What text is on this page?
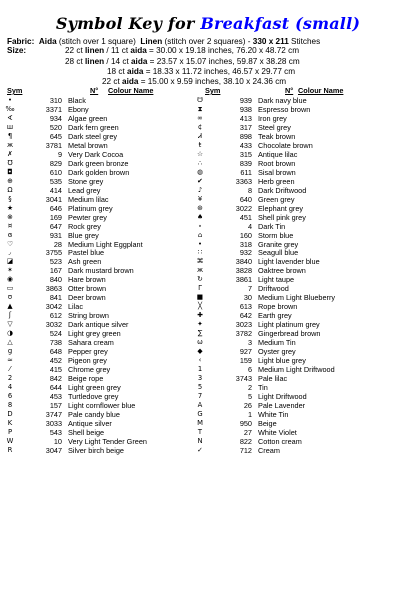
Symbol Key for Breakfast (small)
Fabric: Aida (stitch over 1 square) Linen (stitch over 2 squares) - 330 x 211 Stitches
Size:	22 ct linen / 11 ct aida = 30.00 x 19.18 inches, 76.20 x 48.72 cm
28 ct linen / 14 ct aida = 23.57 x 15.07 inches, 59.87 x 38.28 cm
18 ct aida = 18.33 x 11.72 inches, 46.57 x 29.77 cm
22 ct aida = 15.00 x 9.59 inches, 38.10 x 24.36 cm
Sym	N° Colour Name	Sym	N° Colour Name
•	310 Black
‰	3371 Ebony
∢	934 Algae green
ш	520 Dark fern green
¶	645 Dark steel grey
ж	3781 Metal brown
✗	9 Very Dark Cocoa
℧	829 Dark green bronze
◘	610 Dark golden brown
⊕	535 Stone grey
Ω	414 Lead grey
§	3041 Medium lilac
★	646 Platinum grey
⊗	169 Pewter grey
¤	647 Rock grey
ɞ	931 Blue grey
♡	28 Medium Light Eggplant
◞	3755 Pastel blue
◪	523 Ash green
✶	167 Dark mustard brown
◉	840 Hare brown
▭	3863 Otter brown
ʊ	841 Deer brown
▲	3042 Lilac
ʃ	612 String brown
▽	3032 Dark antique silver
◑	524 Light grey green
△	738 Sahara cream
g	648 Pepper grey
≈	452 Pigeon grey
⁄	415 Chrome grey
2	842 Beige rope
4	644 Light green grey
6	453 Turtledove grey
8	157 Light cornflower blue
D	3747 Pale candy blue
K	3033 Antique silver
P	543 Shell beige
W	10 Very Light Tender Green
R	3047 Silver birch beige
☋	939 Dark navy blue
⧗	938 Espresso brown
∞	413 Iron grey
¢	317 Steel grey
Ꮧ	898 Teak brown
ŧ	433 Chocolate brown
☆	315 Antique lilac
∴	839 Root brown
◍	611 Sisal brown
✔	3363 Herb green
♪	8 Dark Driftwood
¥	640 Green grey
⊛	3022 Elephant grey
♠	451 Shell pink grey
∘	4 Dark Tin
⌂	160 Storm blue
•	318 Granite grey
∷	932 Seagull blue
⌘	3840 Light lavender blue
ж	3828 Oaktree brown
↻	3861 Light taupe
Γ	7 Driftwood
■	30 Medium Light Blueberry
╳	613 Rope brown
✚	642 Earth grey
✦	3023 Light platinum grey
∑	3782 Gingerbread brown
ω	3 Medium Tin
◆	927 Oyster grey
‹	159 Light blue grey
1	6 Medium Light Driftwood
3	3743 Pale lilac
5	2 Tin
7	5 Light Driftwood
A	26 Pale Lavender
G	1 White Tin
M	950 Beige
T	27 White Violet
N	822 Cotton cream
✓	712 Cream
